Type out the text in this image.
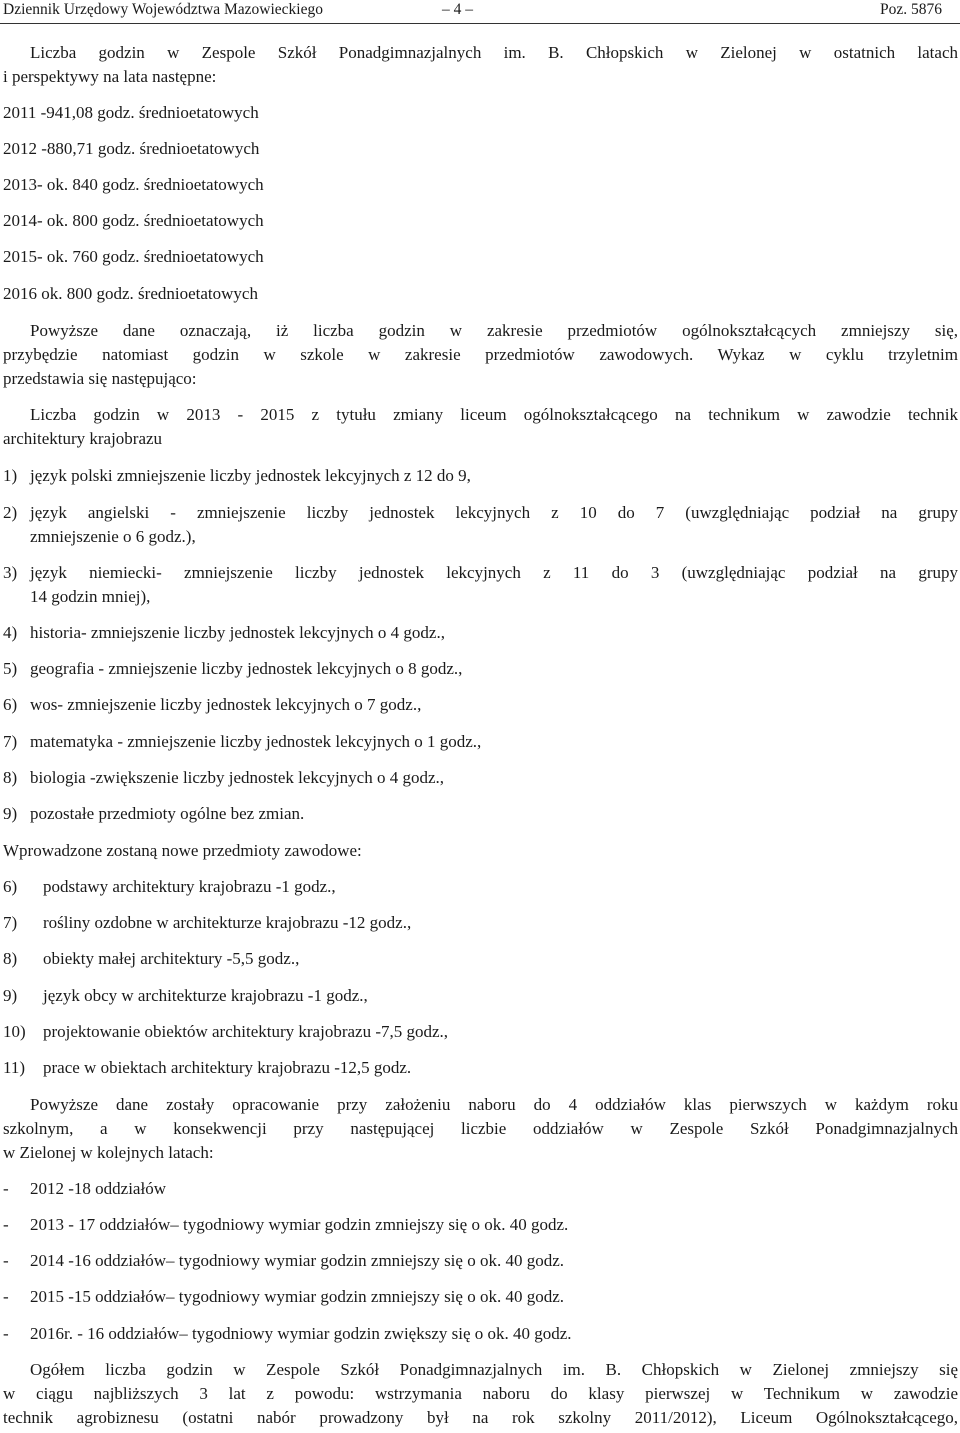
Dziennik Urzędowy Województwa Mazowieckiego	– 4 –	Poz. 5876
Liczba godzin w Zespole Szkół Ponadgimnazjalnych im. B. Chłopskich w Zielonej w ostatnich latach
i perspektywy na lata następne:
2011 -941,08 godz. średnioetatowych
2012 -880,71 godz. średnioetatowych
2013- ok. 840 godz. średnioetatowych
2014- ok. 800 godz. średnioetatowych
2015- ok. 760 godz. średnioetatowych
2016 ok. 800 godz. średnioetatowych
Powyższe dane oznaczają, iż liczba godzin w zakresie przedmiotów ogólnokształcących zmniejszy się,
przybędzie natomiast godzin w szkole w zakresie przedmiotów zawodowych. Wykaz w cyklu trzyletnim
przedstawia się następująco:
Liczba godzin w 2013 - 2015 z tytułu zmiany liceum ogólnokształcącego na technikum w zawodzie technik
architektury krajobrazu
1) język polski zmniejszenie liczby jednostek lekcyjnych z 12 do 9,
2) język angielski - zmniejszenie liczby jednostek lekcyjnych z 10 do 7 (uwzględniając podział na grupy
zmniejszenie o 6 godz.),
3) język niemiecki- zmniejszenie liczby jednostek lekcyjnych z 11 do 3 (uwzględniając podział na grupy
14 godzin mniej),
4) historia- zmniejszenie liczby jednostek lekcyjnych o 4 godz.,
5) geografia - zmniejszenie liczby jednostek lekcyjnych o 8 godz.,
6) wos- zmniejszenie liczby jednostek lekcyjnych o 7 godz.,
7) matematyka - zmniejszenie liczby jednostek lekcyjnych o 1 godz.,
8) biologia -zwiększenie liczby jednostek lekcyjnych o 4 godz.,
9) pozostałe przedmioty ogólne bez zmian.
Wprowadzone zostaną nowe przedmioty zawodowe:
6) podstawy architektury krajobrazu -1 godz.,
7) rośliny ozdobne w architekturze krajobrazu -12 godz.,
8) obiekty małej architektury -5,5 godz.,
9) język obcy w architekturze krajobrazu -1 godz.,
10) projektowanie obiektów architektury krajobrazu -7,5 godz.,
11) prace w obiektach architektury krajobrazu -12,5 godz.
Powyższe dane zostały opracowanie przy założeniu naboru do 4 oddziałów klas pierwszych w każdym roku
szkolnym, a w konsekwencji przy następującej liczbie oddziałów w Zespole Szkół Ponadgimnazjalnych
w Zielonej w kolejnych latach:
- 2012 -18 oddziałów
- 2013 - 17 oddziałów– tygodniowy wymiar godzin zmniejszy się o ok. 40 godz.
- 2014 -16 oddziałów– tygodniowy wymiar godzin zmniejszy się o ok. 40 godz.
- 2015 -15 oddziałów– tygodniowy wymiar godzin zmniejszy się o ok. 40 godz.
- 2016r. - 16 oddziałów– tygodniowy wymiar godzin zwiększy się o ok. 40 godz.
Ogółem liczba godzin w Zespole Szkół Ponadgimnazjalnych im. B. Chłopskich w Zielonej zmniejszy się
w ciągu najbliższych 3 lat z powodu: wstrzymania naboru do klasy pierwszej w Technikum w zawodzie
technik agrobiznesu (ostatni nabór prowadzony był na rok szkolny 2011/2012), Liceum Ogólnokształcącego,
